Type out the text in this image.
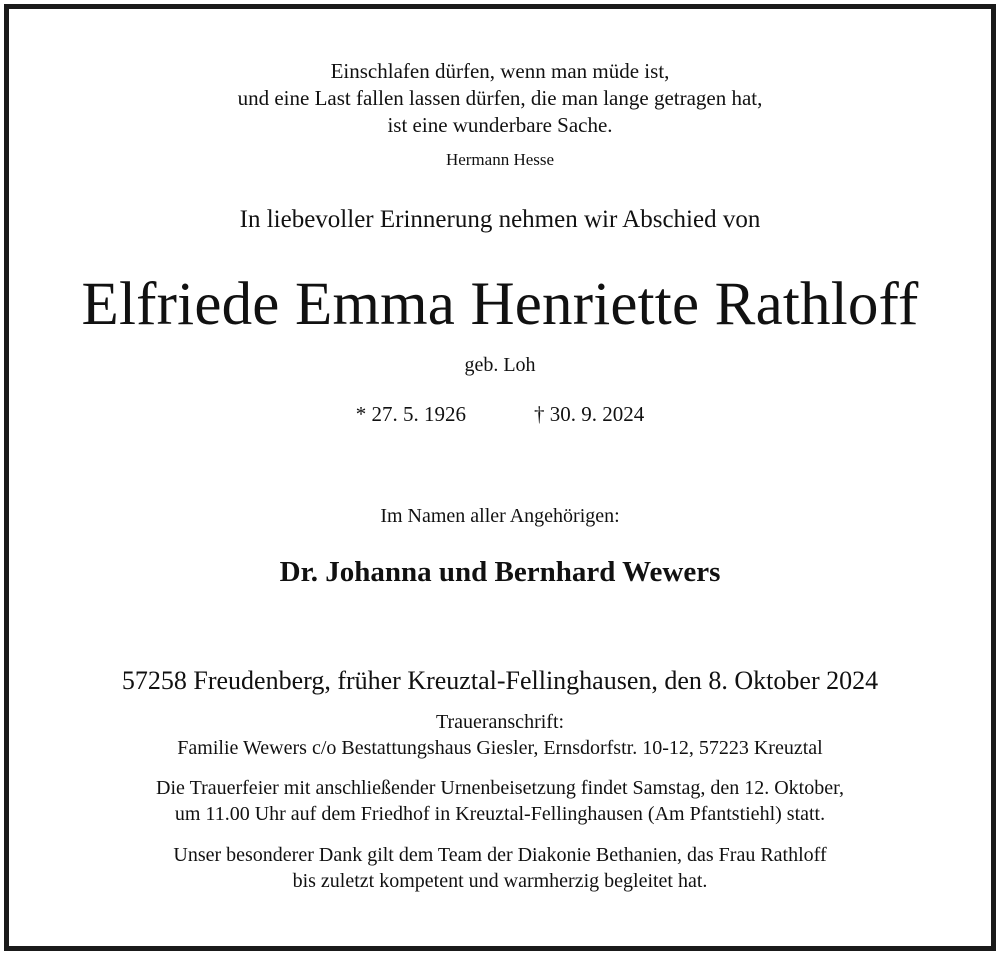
Einschlafen dürfen, wenn man müde ist,
und eine Last fallen lassen dürfen, die man lange getragen hat,
ist eine wunderbare Sache.
Hermann Hesse
In liebevoller Erinnerung nehmen wir Abschied von
Elfriede Emma Henriette Rathloff
geb. Loh
* 27. 5. 1926	† 30. 9. 2024
Im Namen aller Angehörigen:
Dr. Johanna und Bernhard Wewers
57258 Freudenberg, früher Kreuztal-Fellinghausen, den 8. Oktober 2024
Traueranschrift:
Familie Wewers c/o Bestattungshaus Giesler, Ernsdorfstr. 10-12, 57223 Kreuztal
Die Trauerfeier mit anschließender Urnenbeisetzung findet Samstag, den 12. Oktober,
um 11.00 Uhr auf dem Friedhof in Kreuztal-Fellinghausen (Am Pfantstiehl) statt.
Unser besonderer Dank gilt dem Team der Diakonie Bethanien, das Frau Rathloff
bis zuletzt kompetent und warmherzig begleitet hat.
